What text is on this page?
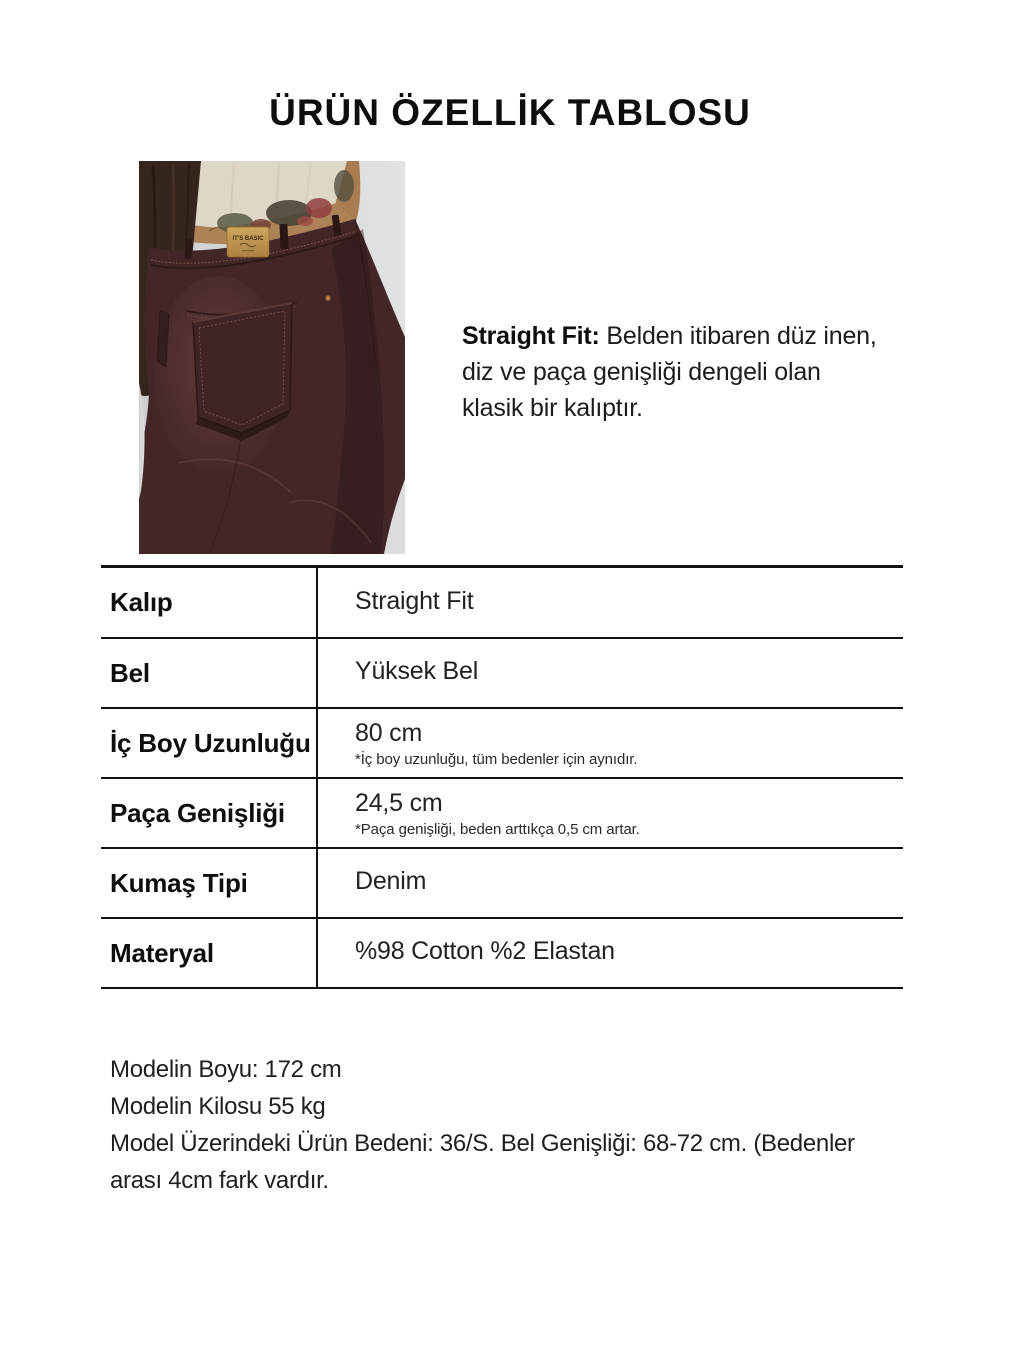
ÜRÜN ÖZELLİK TABLOSU
IT'S BASIC
Straight Fit: Belden itibaren düz inen,
diz ve paça genişliği dengeli olan
klasik bir kalıptır.
Kalıp	Straight Fit
Bel	Yüksek Bel
İç Boy Uzunluğu 80 cm
*İç boy uzunluğu, tüm bedenler için aynıdır.
Paça Genişliği	24,5 cm
*Paça genişliği, beden arttıkça 0,5 cm artar.
Kumaş Tipi	Denim
Materyal	%98 Cotton %2 Elastan
Modelin Boyu: 172 cm
Modelin Kilosu 55 kg
Model Üzerindeki Ürün Bedeni: 36/S. Bel Genişliği: 68-72 cm. (Bedenler
arası 4cm fark vardır.
